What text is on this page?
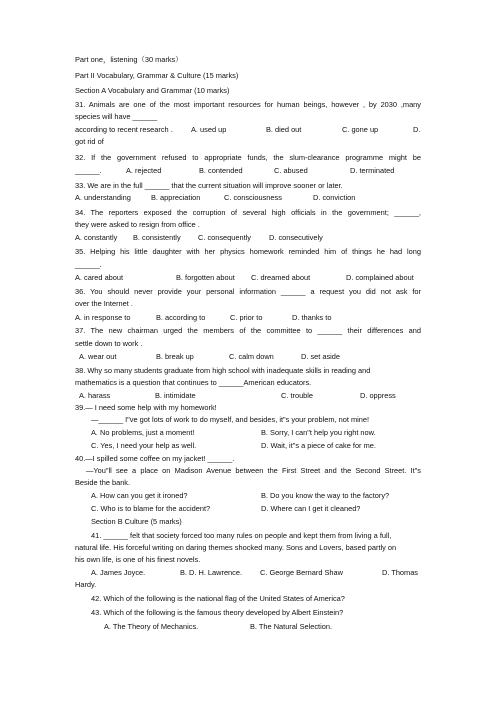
Part one，listening（30 marks）
Part II Vocabulary, Grammar & Culture (15 marks)
Section A Vocabulary and Grammar (10 marks)
31. Animals are one of the most important resources for human beings, however , by 2030 ,many
species will have ______
according to recent research . A. used up	B. died out	C. gone up	D.
got rid of
32. If the government refused to appropriate funds, the slum-clearance programme might be
______.	A. rejected	B. contended	C. abused	D. terminated
33. We are in the full ______ that the current situation will improve sooner or later.
A. understanding	B. appreciation	C. consciousness	D. conviction
34. The reporters exposed the corruption of several high officials in the government; ______,
they were asked to resign from office .
A. constantly B. consistently C. consequently D. consecutively
35. Helping his little daughter with her physics homework reminded him of things he had long
______.
A. cared about	B. forgotten about C. dreamed about	D. complained about
36. You should never provide your personal information ______ a request you did not ask for
over the Internet .
A. in response to	B. according to	C. prior to	D. thanks to
37. The new chairman urged the members of the committee to ______ their differences and
settle down to work .
A. wear out	B. break up	C. calm down	D. set aside
38. Why so many students graduate from high school with inadequate skills in reading and
mathematics is a question that continues to ______American educators.
A. harass	B. intimidate	C. trouble	D. oppress
39.— I need some help with my homework!
—______ I"ve got lots of work to do myself, and besides, it"s your problem, not mine!
A. No problems, just a moment!	B. Sorry, I can"t help you right now.
C. Yes, I need your help as well.	D. Wait, it"s a piece of cake for me.
40.—I spilled some coffee on my jacket! ______.
—You"ll see a place on Madison Avenue between the First Street and the Second Street. It"s
Beside the bank.
A. How can you get it ironed?	B. Do you know the way to the factory?
C. Who is to blame for the accident?	D. Where can I get it cleaned?
Section B Culture (5 marks)
41. ______ felt that society forced too many rules on people and kept them from living a full,
natural life. His forceful writing on daring themes shocked many. Sons and Lovers, based partly on
his own life, is one of his finest novels.
A. James Joyce.	B. D. H. Lawrence. C. George Bernard Shaw	D. Thomas
Hardy.
42. Which of the following is the national flag of the United States of America?
43. Which of the following is the famous theory developed by Albert Einstein?
A. The Theory of Mechanics.	B. The Natural Selection.
